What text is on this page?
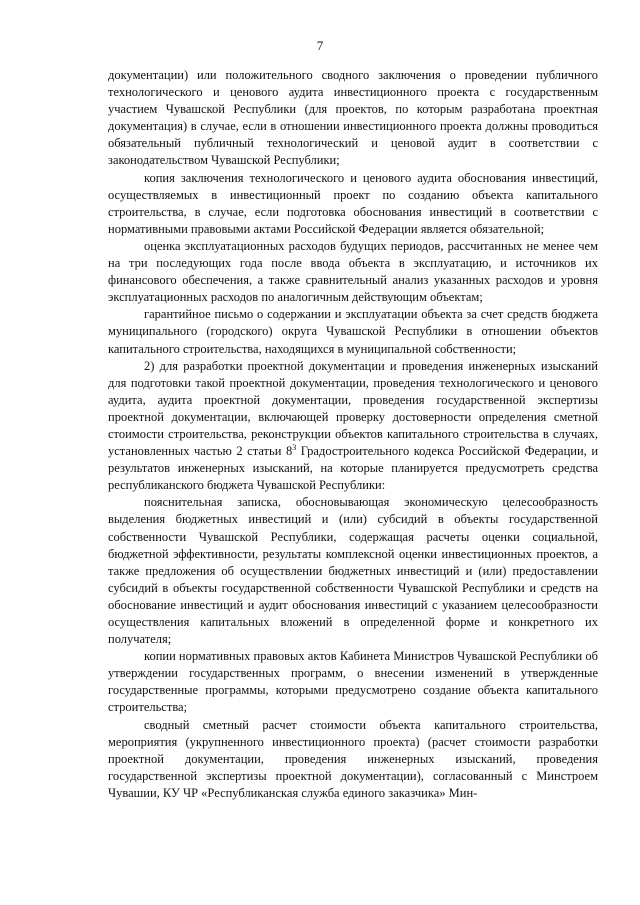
7

документации) или положительного сводного заключения о проведении публичного технологического и ценового аудита инвестиционного проекта с государственным участием Чувашской Республики (для проектов, по которым разработана проектная документация) в случае, если в отношении инвестиционного проекта должны проводиться обязательный публичный технологический и ценовой аудит в соответствии с законодательством Чувашской Республики;

копия заключения технологического и ценового аудита обоснования инвестиций, осуществляемых в инвестиционный проект по созданию объекта капитального строительства, в случае, если подготовка обоснования инвестиций в соответствии с нормативными правовыми актами Российской Федерации является обязательной;

оценка эксплуатационных расходов будущих периодов, рассчитанных не менее чем на три последующих года после ввода объекта в эксплуатацию, и источников их финансового обеспечения, а также сравнительный анализ указанных расходов и уровня эксплуатационных расходов по аналогичным действующим объектам;

гарантийное письмо о содержании и эксплуатации объекта за счет средств бюджета муниципального (городского) округа Чувашской Республики в отношении объектов капитального строительства, находящихся в муниципальной собственности;

2) для разработки проектной документации и проведения инженерных изысканий для подготовки такой проектной документации, проведения технологического и ценового аудита, аудита проектной документации, проведения государственной экспертизы проектной документации, включающей проверку достоверности определения сметной стоимости строительства, реконструкции объектов капитального строительства в случаях, установленных частью 2 статьи $8^3$ Градостроительного кодекса Российской Федерации, и результатов инженерных изысканий, на которые планируется предусмотреть средства республиканского бюджета Чувашской Республики:

пояснительная записка, обосновывающая экономическую целесообразность выделения бюджетных инвестиций и (или) субсидий в объекты государственной собственности Чувашской Республики, содержащая расчеты оценки социальной, бюджетной эффективности, результаты комплексной оценки инвестиционных проектов, а также предложения об осуществлении бюджетных инвестиций и (или) предоставлении субсидий в объекты государственной собственности Чувашской Республики и средств на обоснование инвестиций и аудит обоснования инвестиций с указанием целесообразности осуществления капитальных вложений в определенной форме и конкретного их получателя;

копии нормативных правовых актов Кабинета Министров Чувашской Республики об утверждении государственных программ, о внесении изменений в утвержденные государственные программы, которыми предусмотрено создание объекта капитального строительства;

сводный сметный расчет стоимости объекта капитального строительства, мероприятия (укрупненного инвестиционного проекта) (расчет стоимости разработки проектной документации, проведения инженерных изысканий, проведения государственной экспертизы проектной документации), согласованный с Минстроем Чувашии, КУ ЧР «Республиканская служба единого заказчика» Мин-
